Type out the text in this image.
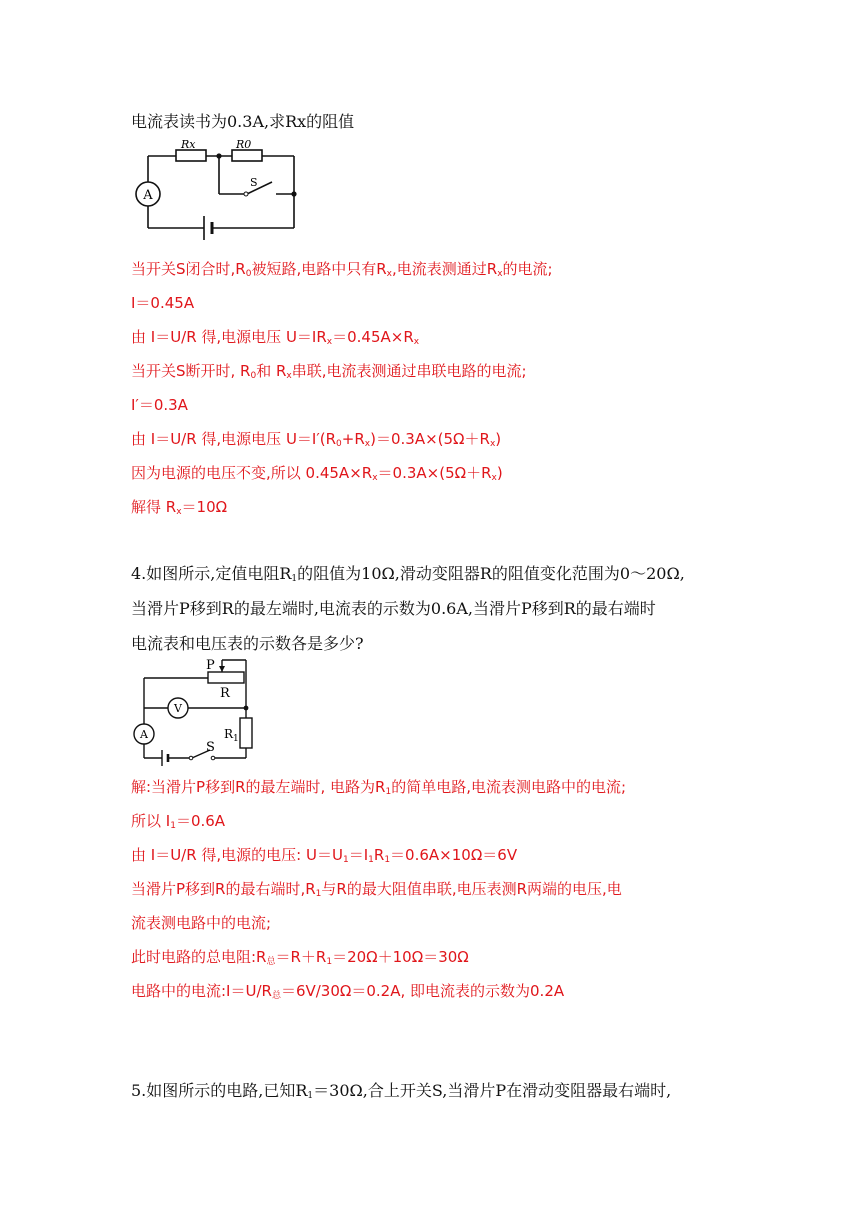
电流表读书为0.3A,求Rx的阻值
A
Rx	R0
S
当开关S闭合时$,R_0$被短路,电路中只有$R_x$,电流表测通过$R_x$的电流;
I＝0.45A
由 I＝U/R 得,电源电压 $U=IR_x=0.45A\times R_x$
当开关S断开时, $R_0$和 $R_x$串联,电流表测通过串联电路的电流;
I′＝0.3A
由 I＝U/R 得,电源电压 $U=I'(R_0+R_x)=0.3A\times(5\Omega+R_x)$
因为电源的电压不变,所以 $0.45A\times R_x=0.3A\times(5\Omega+R_x)$
解得 $R_x=10\Omega$
4.如图所示,定值电阻$R_1$的阻值为10Ω,滑动变阻器R的阻值变化范围为0～20Ω,
当滑片P移到R的最左端时,电流表的示数为0.6A,当滑片P移到R的最右端时
电流表和电压表的示数各是多少?
P
R
V
A	$R_1$
S
解:当滑片P移到R的最左端时, 电路为$R_1$的简单电路,电流表测电路中的电流;
所以 $I_1=0.6A$
由 I＝U/R 得,电源的电压: $U=U_1=I_1R_1=0.6A\times 10\Omega=6V$
当滑片P移到R的最右端时$,R_1$与R的最大阻值串联,电压表测R两端的电压,电
流表测电路中的电流;
此时电路的总电阻$:R_总=R+R_1=20\Omega+10\Omega=30\Omega$
电路中的电流$:I=U/R_总=6V/30\Omega=0.2A$, 即电流表的示数为0.2A
5.如图所示的电路,已知$R_1=30\Omega$,合上开关S,当滑片P在滑动变阻器最右端时,
